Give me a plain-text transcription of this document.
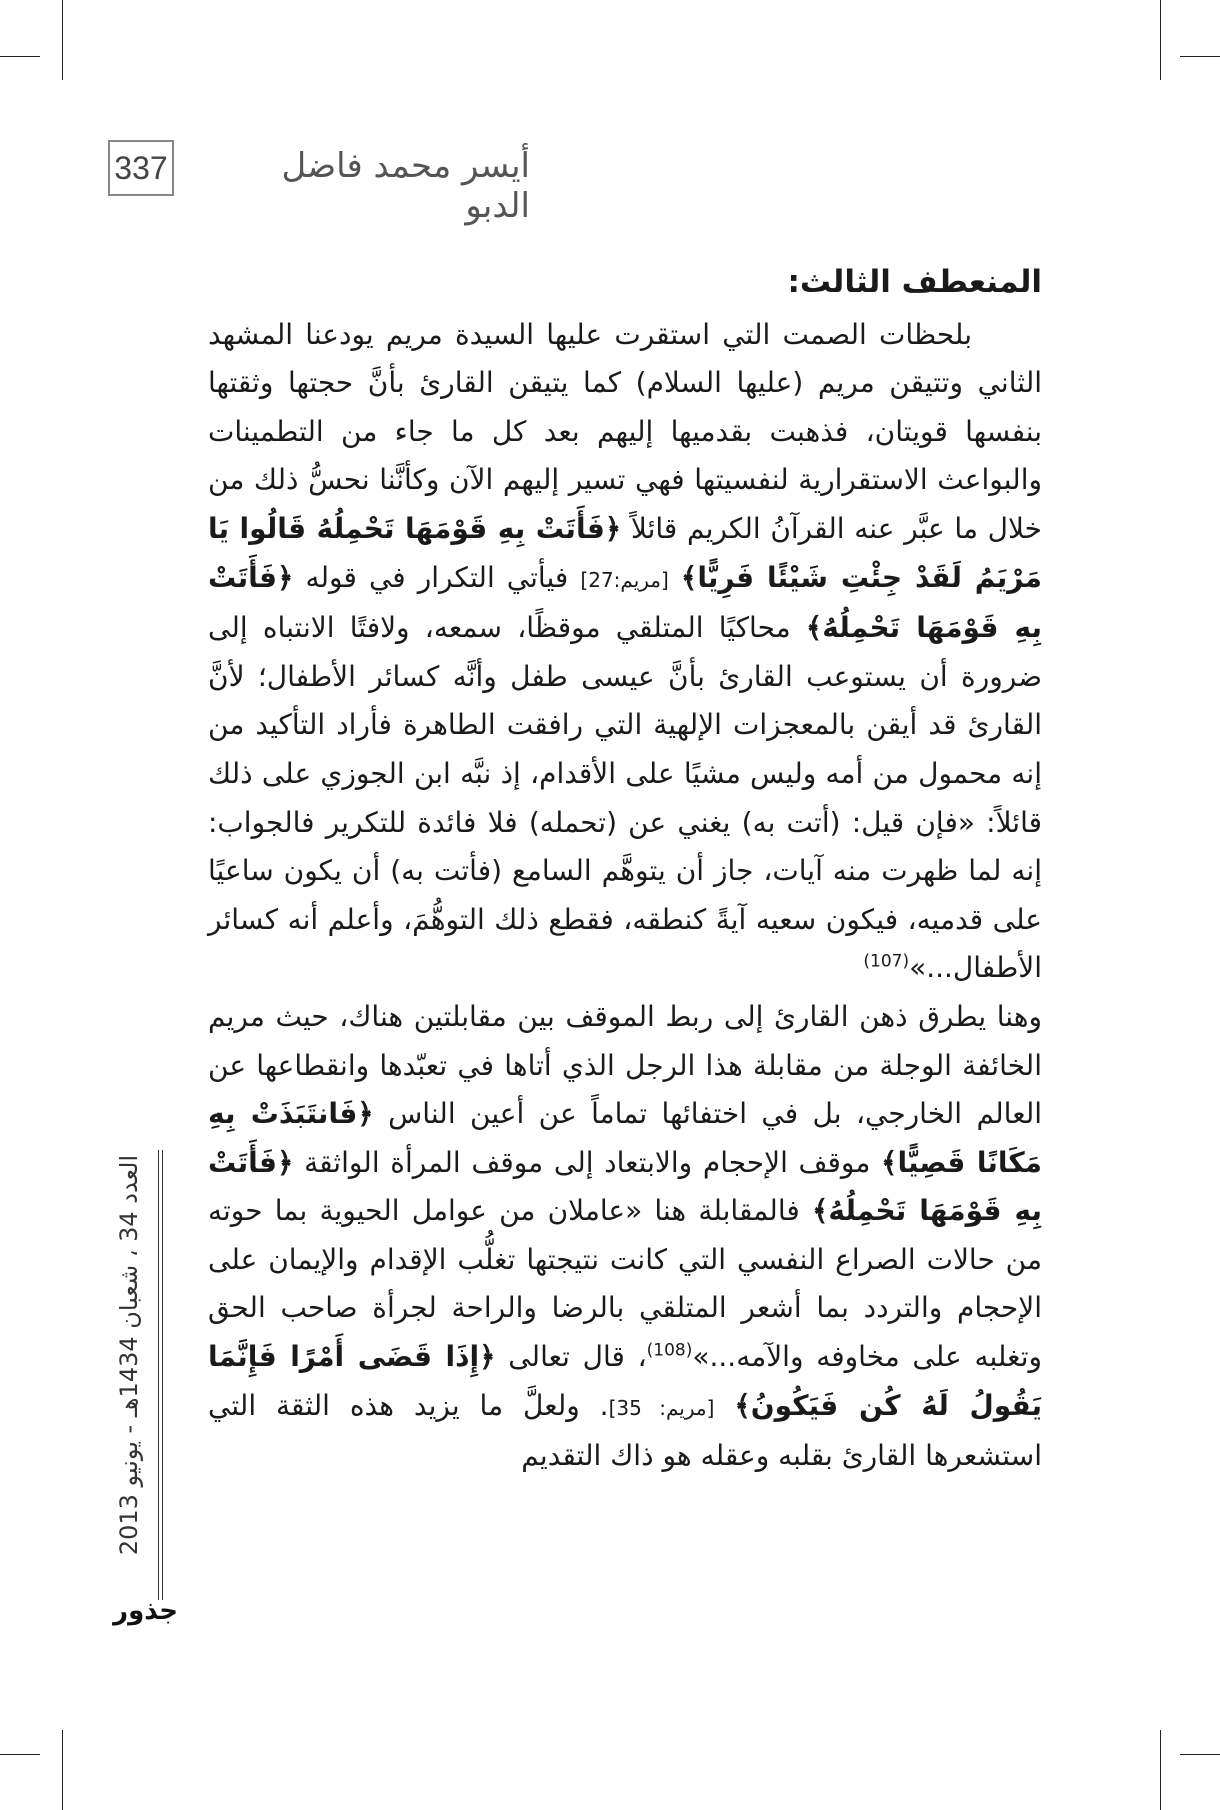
337	أيسر محمد فاضل الدبو

المنعطف الثالث:

بلحظات الصمت التي استقرت عليها السيدة مريم يودعنا المشهد الثاني وتتيقن مريم (عليها السلام) كما يتيقن القارئ بأنَّ حجتها وثقتها بنفسها قويتان، فذهبت بقدميها إليهم بعد كل ما جاء من التطمينات والبواعث الاستقرارية لنفسيتها فهي تسير إليهم الآن وكأنَّنا نحسُّ ذلك من خلال ما عبَّر عنه القرآنُ الكريم قائلاً ﴿فَأَتَتْ بِهِ قَوْمَهَا تَحْمِلُهُ قَالُوا يَا مَرْيَمُ لَقَدْ جِئْتِ شَيْئًا فَرِيًّا﴾ [مريم:27] فيأتي التكرار في قوله ﴿فَأَتَتْ بِهِ قَوْمَهَا تَحْمِلُهُ﴾ محاكيًا المتلقي موقظًا، سمعه، ولافتًا الانتباه إلى ضرورة أن يستوعب القارئ بأنَّ عيسى طفل وأنَّه كسائر الأطفال؛ لأنَّ القارئ قد أيقن بالمعجزات الإلهية التي رافقت الطاهرة فأراد التأكيد من إنه محمول من أمه وليس مشيًا على الأقدام، إذ نبَّه ابن الجوزي على ذلك قائلاً: «فإن قيل: (أتت به) يغني عن (تحمله) فلا فائدة للتكرير فالجواب: إنه لما ظهرت منه آيات، جاز أن يتوهَّم السامع (فأتت به) أن يكون ساعيًا على قدميه، فيكون سعيه آيةً كنطقه، فقطع ذلك التوهُّمَ، وأعلم أنه كسائر الأطفال...»$^{(107)}$

وهنا يطرق ذهن القارئ إلى ربط الموقف بين مقابلتين هناك، حيث مريم الخائفة الوجلة من مقابلة هذا الرجل الذي أتاها في تعبّدها وانقطاعها عن العالم الخارجي، بل في اختفائها تماماً عن أعين الناس ﴿فَانتَبَذَتْ بِهِ مَكَانًا قَصِيًّا﴾ موقف الإحجام والابتعاد إلى موقف المرأة الواثقة ﴿فَأَتَتْ بِهِ قَوْمَهَا تَحْمِلُهُ﴾ فالمقابلة هنا «عاملان من عوامل الحيوية بما حوته من حالات الصراع النفسي التي كانت نتيجتها تغلُّب الإقدام والإيمان على الإحجام والتردد بما أشعر المتلقي بالرضا والراحة لجرأة صاحب الحق وتغلبه على مخاوفه والآمه...»$^{(108)}$، قال تعالى ﴿إِذَا قَضَى أَمْرًا فَإِنَّمَا يَقُولُ لَهُ كُن فَيَكُونُ﴾ [مريم: 35]. ولعلَّ ما يزيد هذه الثقة التي استشعرها القارئ بقلبه وعقله هو ذاك التقديم

العدد 34 ، شعبان 1434هـ - يونيو 2013
جذور
